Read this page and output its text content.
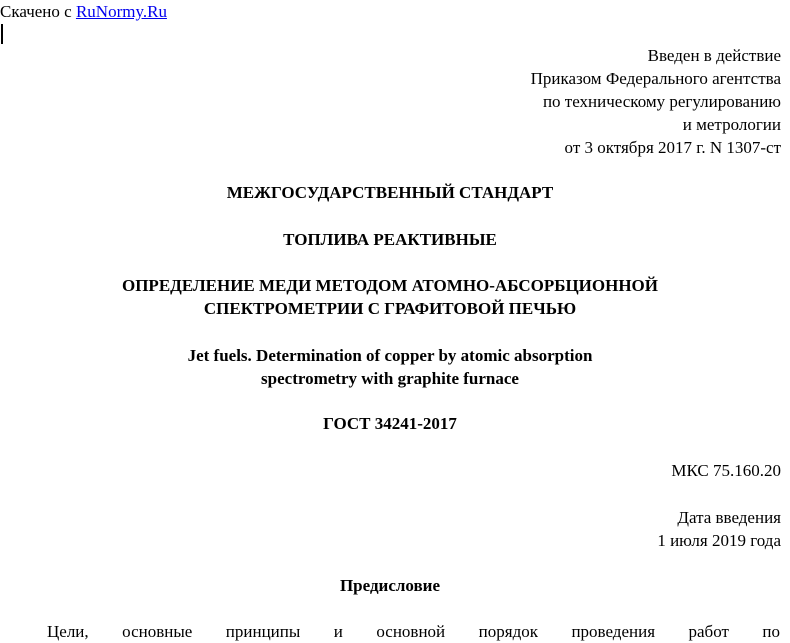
Скачено с RuNormy.Ru
Введен в действие
Приказом Федерального агентства
по техническому регулированию
и метрологии
от 3 октября 2017 г. N 1307-ст
МЕЖГОСУДАРСТВЕННЫЙ СТАНДАРТ
ТОПЛИВА РЕАКТИВНЫЕ
ОПРЕДЕЛЕНИЕ МЕДИ МЕТОДОМ АТОМНО-АБСОРБЦИОННОЙ
СПЕКТРОМЕТРИИ С ГРАФИТОВОЙ ПЕЧЬЮ
Jet fuels. Determination of copper by atomic absorption
spectrometry with graphite furnace
ГОСТ 34241-2017
МКС 75.160.20
Дата введения
1 июля 2019 года
Предисловие
Цели, основные принципы и основной порядок проведения работ по
